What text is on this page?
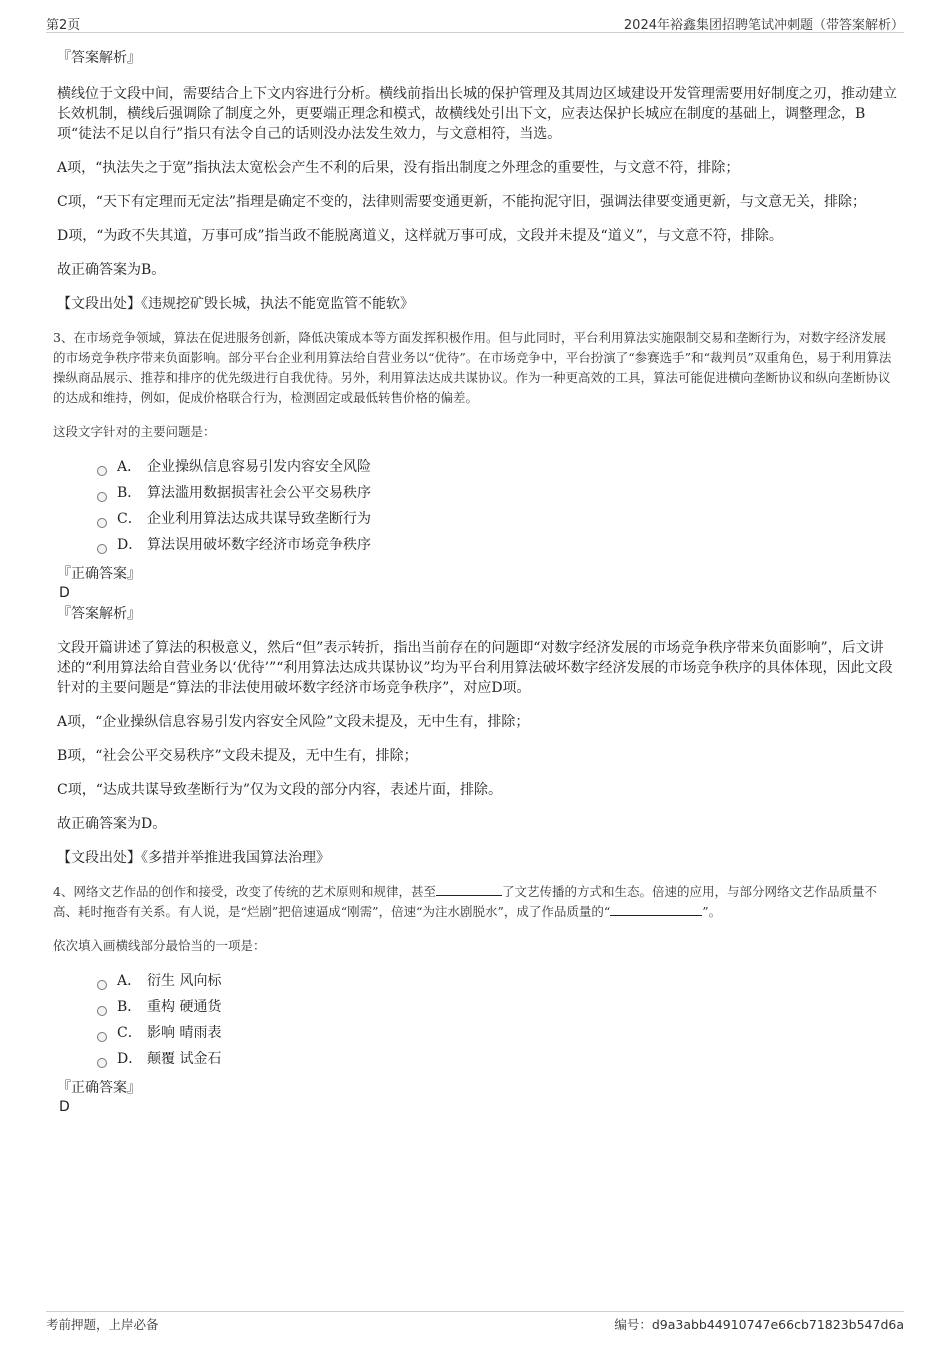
第2页	2024年裕鑫集团招聘笔试冲刺题（带答案解析）

『答案解析』

横线位于文段中间，需要结合上下文内容进行分析。横线前指出长城的保护管理及其周边区域建设开发管理需要用好制度之刃，推动建立长效机制，横线后强调除了制度之外，更要端正理念和模式，故横线处引出下文，应表达保护长城应在制度的基础上，调整理念，B项“徒法不足以自行”指只有法令自己的话则没办法发生效力，与文意相符，当选。

A项，“执法失之于宽”指执法太宽松会产生不利的后果，没有指出制度之外理念的重要性，与文意不符，排除；

C项，“天下有定理而无定法”指理是确定不变的，法律则需要变通更新，不能拘泥守旧，强调法律要变通更新，与文意无关，排除；

D项，“为政不失其道，万事可成”指当政不能脱离道义，这样就万事可成，文段并未提及“道义”，与文意不符，排除。

故正确答案为B。

【文段出处】《违规挖矿毁长城，执法不能宽监管不能软》

3、在市场竞争领域，算法在促进服务创新，降低决策成本等方面发挥积极作用。但与此同时，平台利用算法实施限制交易和垄断行为，对数字经济发展的市场竞争秩序带来负面影响。部分平台企业利用算法给自营业务以“优待”。在市场竞争中，平台扮演了“参赛选手”和“裁判员”双重角色，易于利用算法操纵商品展示、推荐和排序的优先级进行自我优待。另外，利用算法达成共谋协议。作为一种更高效的工具，算法可能促进横向垄断协议和纵向垄断协议的达成和维持，例如，促成价格联合行为，检测固定或最低转售价格的偏差。

这段文字针对的主要问题是：

A． 企业操纵信息容易引发内容安全风险
B． 算法滥用数据损害社会公平交易秩序
C． 企业利用算法达成共谋导致垄断行为
D． 算法误用破坏数字经济市场竞争秩序

『正确答案』

D

『答案解析』

文段开篇讲述了算法的积极意义，然后“但”表示转折，指出当前存在的问题即“对数字经济发展的市场竞争秩序带来负面影响”，后文讲述的“利用算法给自营业务以‘优待’”“利用算法达成共谋协议”均为平台利用算法破坏数字经济发展的市场竞争秩序的具体体现，因此文段针对的主要问题是“算法的非法使用破坏数字经济市场竞争秩序”，对应D项。

A项，“企业操纵信息容易引发内容安全风险”文段未提及，无中生有，排除；

B项，“社会公平交易秩序”文段未提及，无中生有，排除；

C项，“达成共谋导致垄断行为”仅为文段的部分内容，表述片面，排除。

故正确答案为D。

【文段出处】《多措并举推进我国算法治理》

4、网络文艺作品的创作和接受，改变了传统的艺术原则和规律，甚至	了文艺传播的方式和生态。倍速的应用，与部分网络文艺作品质量不高、耗时拖沓有关系。有人说，是“烂剧”把倍速逼成“刚需”，倍速“为注水剧脱水”，成了作品质量的“	”。

依次填入画横线部分最恰当的一项是：

A． 衍生 风向标
B． 重构 硬通货
C． 影响 晴雨表
D． 颠覆 试金石

『正确答案』

D

考前押题，上岸必备	编号：d9a3abb44910747e66cb71823b547d6a
